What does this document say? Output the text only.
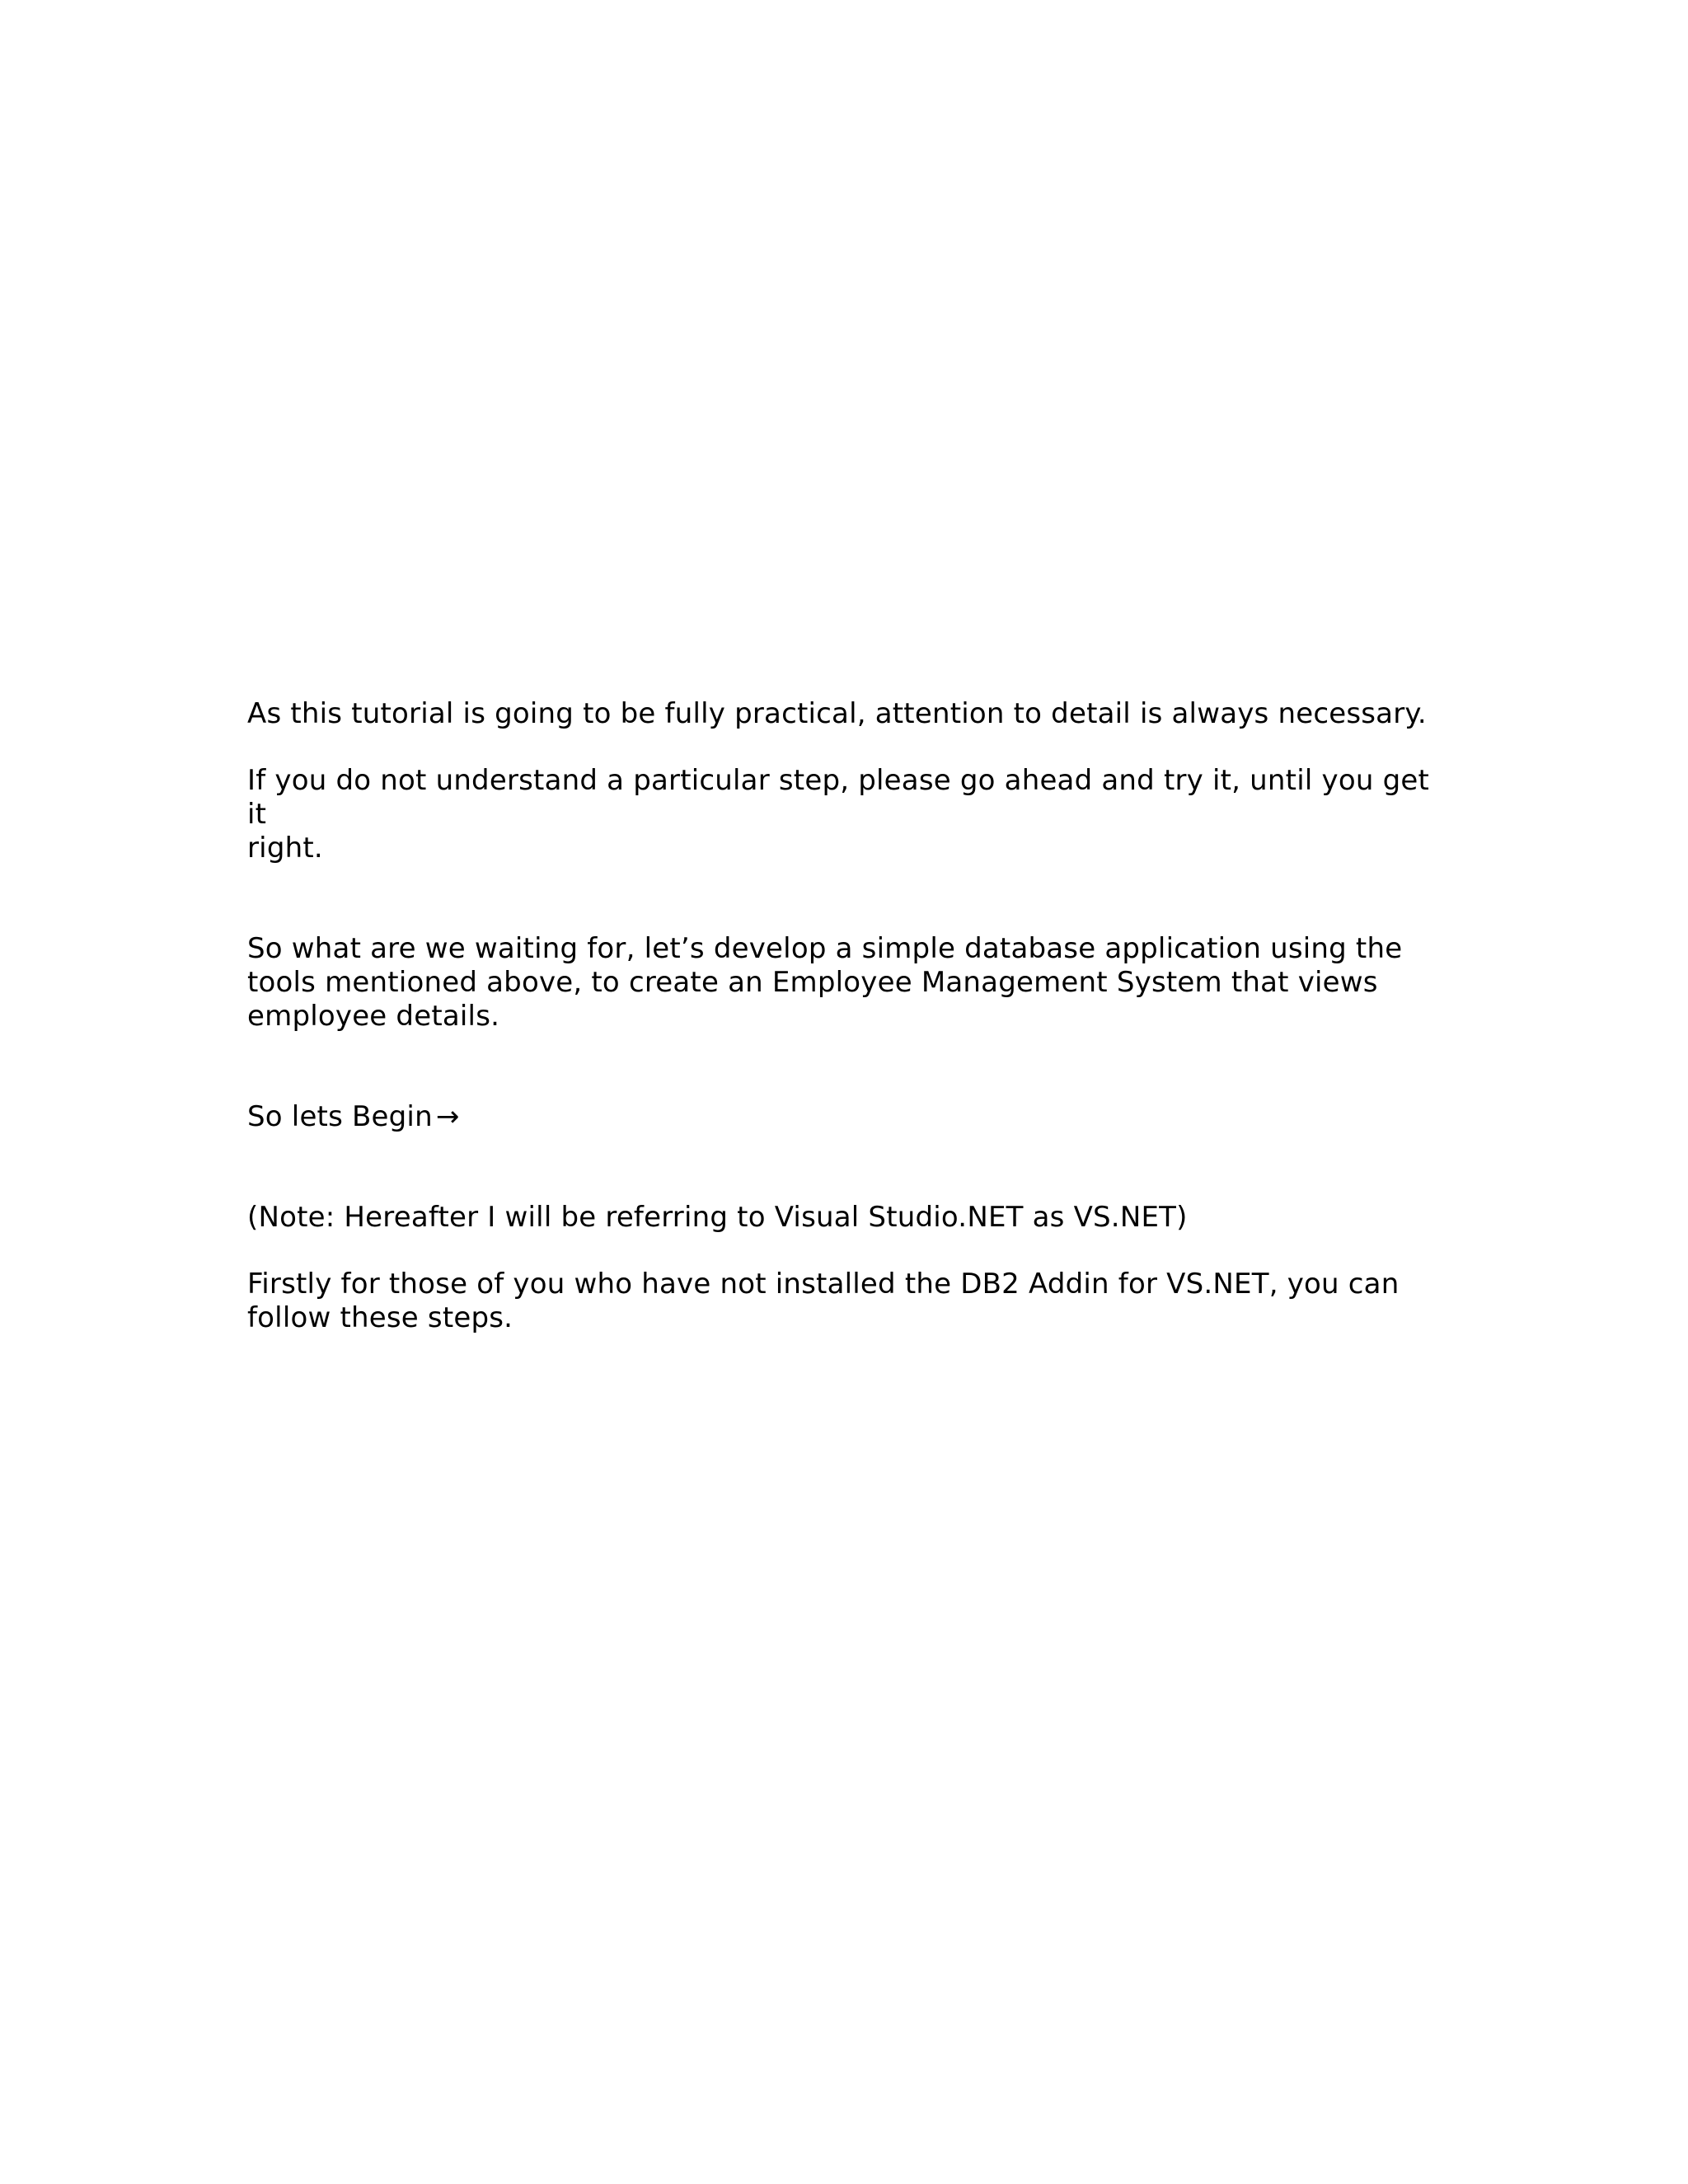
As this tutorial is going to be fully practical, attention to detail is always necessary.

If you do not understand a particular step, please go ahead and try it, until you get it
right.

So what are we waiting for, let’s develop a simple database application using the
tools mentioned above, to create an Employee Management System that views
employee details.

So lets Begin →

(Note: Hereafter I will be referring to Visual Studio.NET as VS.NET)

Firstly for those of you who have not installed the DB2 Addin for VS.NET, you can
follow these steps.
